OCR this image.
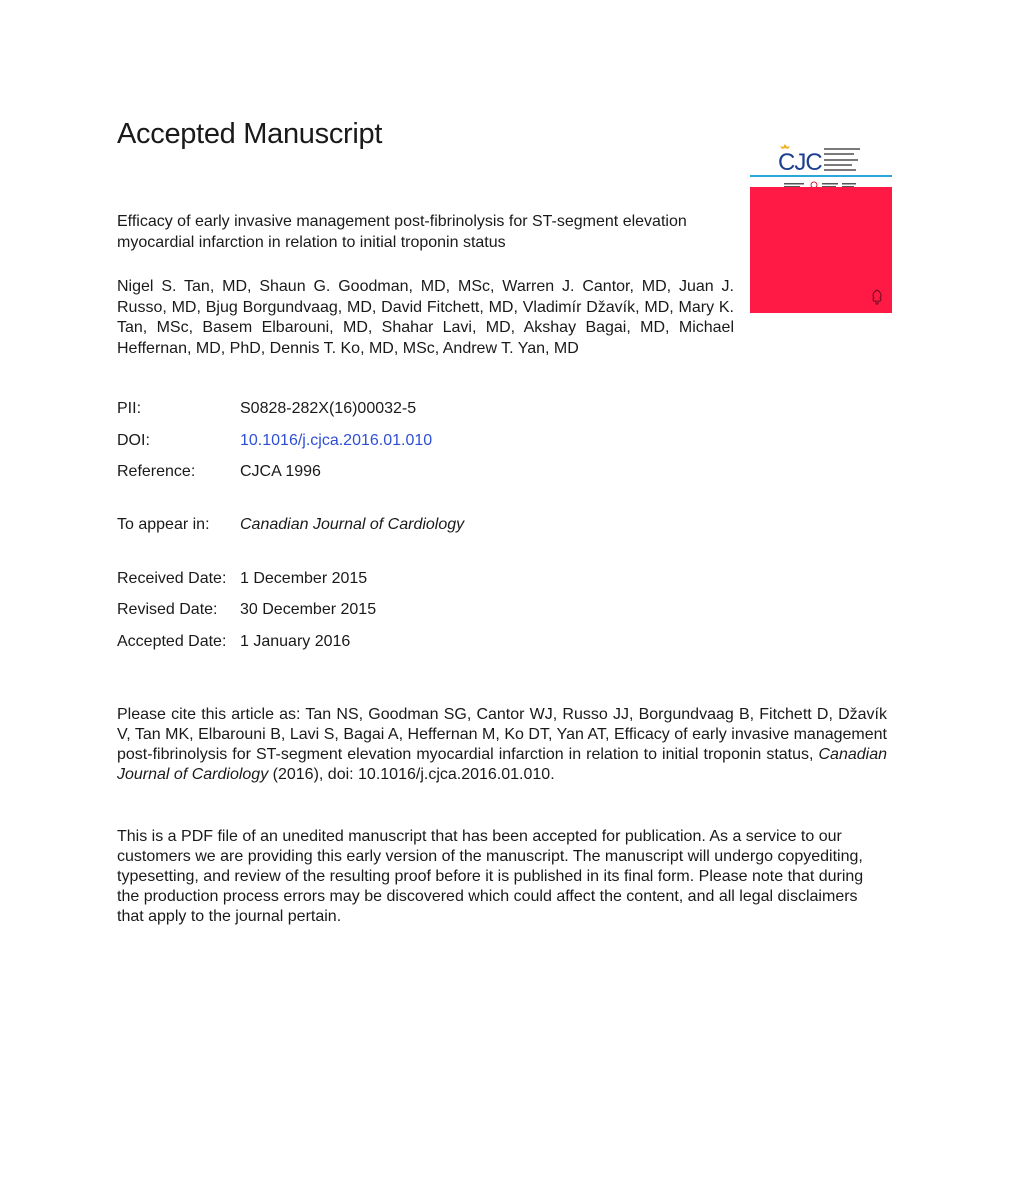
Accepted Manuscript
CJC

Efficacy of early invasive management post-fibrinolysis for ST-segment elevation myocardial infarction in relation to initial troponin status

Nigel S. Tan, MD, Shaun G. Goodman, MD, MSc, Warren J. Cantor, MD, Juan J. Russo, MD, Bjug Borgundvaag, MD, David Fitchett, MD, Vladimír Džavík, MD, Mary K. Tan, MSc, Basem Elbarouni, MD, Shahar Lavi, MD, Akshay Bagai, MD, Michael Heffernan, MD, PhD, Dennis T. Ko, MD, MSc, Andrew T. Yan, MD

PII:	S0828-282X(16)00032-5
DOI:	10.1016/j.cjca.2016.01.010
Reference:	CJCA 1996
To appear in:	Canadian Journal of Cardiology
Received Date: 1 December 2015
Revised Date:	30 December 2015
Accepted Date: 1 January 2016

Please cite this article as: Tan NS, Goodman SG, Cantor WJ, Russo JJ, Borgundvaag B, Fitchett D, Džavík V, Tan MK, Elbarouni B, Lavi S, Bagai A, Heffernan M, Ko DT, Yan AT, Efficacy of early invasive management post-fibrinolysis for ST-segment elevation myocardial infarction in relation to initial troponin status, Canadian Journal of Cardiology (2016), doi: 10.1016/j.cjca.2016.01.010.

This is a PDF file of an unedited manuscript that has been accepted for publication. As a service to our customers we are providing this early version of the manuscript. The manuscript will undergo copyediting, typesetting, and review of the resulting proof before it is published in its final form. Please note that during the production process errors may be discovered which could affect the content, and all legal disclaimers that apply to the journal pertain.
